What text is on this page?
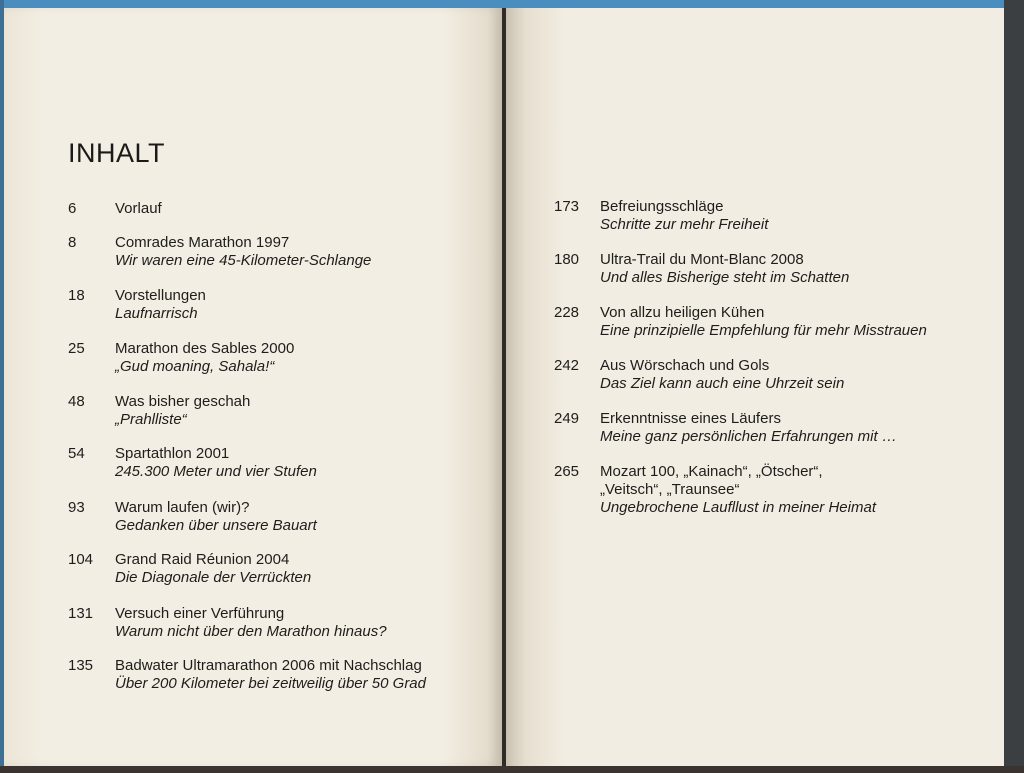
INHALT
6	Vorlauf
8	Comrades Marathon 1997
Wir waren eine 45-Kilometer-Schlange
18 Vorstellungen
Laufnarrisch
25 Marathon des Sables 2000
„Gud moaning, Sahala!“
48 Was bisher geschah
„Prahlliste“
54 Spartathlon 2001
245.300 Meter und vier Stufen
93 Warum laufen (wir)?
Gedanken über unsere Bauart
104 Grand Raid Réunion 2004
Die Diagonale der Verrückten
131 Versuch einer Verführung
Warum nicht über den Marathon hinaus?
135 Badwater Ultramarathon 2006 mit Nachschlag
Über 200 Kilometer bei zeitweilig über 50 Grad
173 Befreiungsschläge
Schritte zur mehr Freiheit
180 Ultra-Trail du Mont-Blanc 2008
Und alles Bisherige steht im Schatten
228 Von allzu heiligen Kühen
Eine prinzipielle Empfehlung für mehr Misstrauen
242 Aus Wörschach und Gols
Das Ziel kann auch eine Uhrzeit sein
249 Erkenntnisse eines Läufers
Meine ganz persönlichen Erfahrungen mit …
265 Mozart 100, „Kainach“, „Ötscher“,
„Veitsch“, „Traunsee“
Ungebrochene Laufllust in meiner Heimat
